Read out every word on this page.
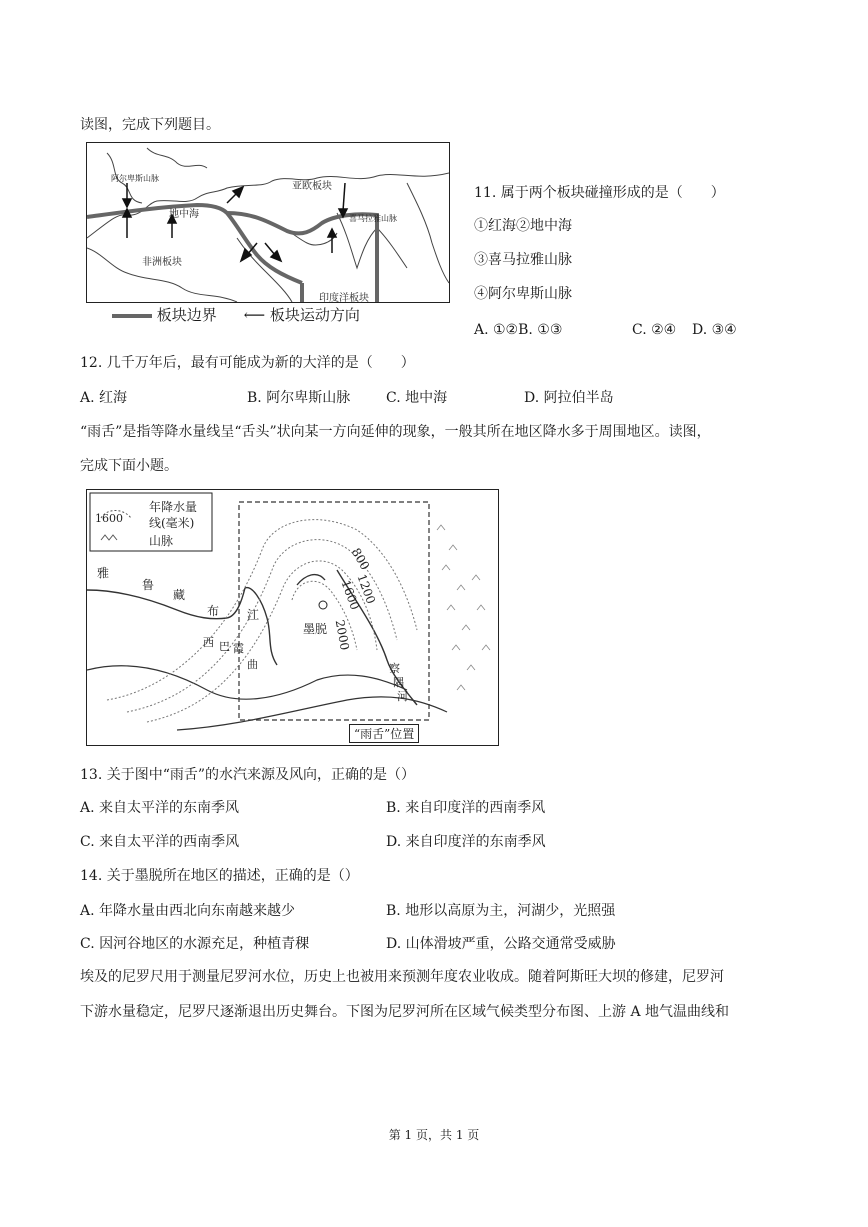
读图，完成下列题目。
阿尔卑斯山脉
亚欧板块
喜马拉雅山脉
地中海
非洲板块
印度洋板块
板块边界 ⟵ 板块运动方向
11. 属于两个板块碰撞形成的是（　　）
①红海②地中海
③喜马拉雅山脉
④阿尔卑斯山脉
A. ①②B. ①③	C. ②④ D. ③④
12. 几千万年后，最有可能成为新的大洋的是（　　）
A. 红海	B. 阿尔卑斯山脉	C. 地中海	D. 阿拉伯半岛
“雨舌”是指等降水量线呈“舌头”状向某一方向延伸的现象，一般其所在地区降水多于周围地区。读图，
完成下面小题。
1600
年降水量
线(毫米)
山脉
800
1200
1600
2000
墨脱
雅
鲁
藏
布 江
西 巴 霞
曲	察
隅
河
“雨舌”位置
13. 关于图中“雨舌”的水汽来源及风向，正确的是（）
A. 来自太平洋的东南季风	B. 来自印度洋的西南季风
C. 来自太平洋的西南季风	D. 来自印度洋的东南季风
14. 关于墨脱所在地区的描述，正确的是（）
A. 年降水量由西北向东南越来越少	B. 地形以高原为主，河湖少，光照强
C. 因河谷地区的水源充足，种植青稞	D. 山体滑坡严重，公路交通常受威胁
埃及的尼罗尺用于测量尼罗河水位，历史上也被用来预测年度农业收成。随着阿斯旺大坝的修建，尼罗河
下游水量稳定，尼罗尺逐渐退出历史舞台。下图为尼罗河所在区域气候类型分布图、上游 A 地气温曲线和
第 1 页，共 1 页
